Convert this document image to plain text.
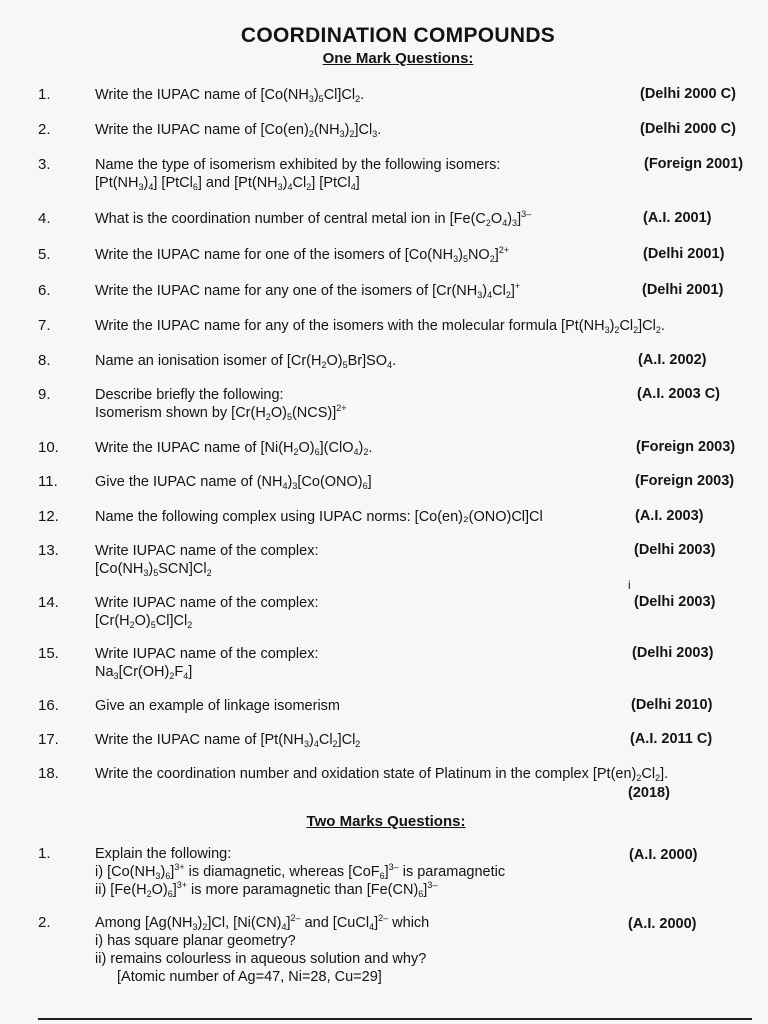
COORDINATION COMPOUNDS
One Mark Questions:
1.	Write the IUPAC name of $[Co(NH_3)_5Cl]Cl_2$.	(Delhi 2000 C)
2.	Write the IUPAC name of $[Co(en)_2(NH_3)_2]Cl_3$.	(Delhi 2000 C)
3.	Name the type of isomerism exhibited by the following isomers:
$[Pt(NH_3)_4]$ [PtCl$_6$] and $[Pt(NH_3)_4Cl_2]$ [PtCl$_4$]
(Foreign 2001)
4.	What is the coordination number of central metal ion in $[Fe(C_2O_4)_3]^{3-}$	(A.I. 2001)
5.	Write the IUPAC name for one of the isomers of $[Co(NH_3)_5NO_2]^{2+}$	(Delhi 2001)
6.	Write the IUPAC name for any one of the isomers of $[Cr(NH_3)_4Cl_2]^+$	(Delhi 2001)
7.	Write the IUPAC name for any of the isomers with the molecular formula $[Pt(NH_3)_2Cl_2]Cl_2$.
8.	Name an ionisation isomer of $[Cr(H_2O)_5Br]SO_4$.	(A.I. 2002)
9.	Describe briefly the following:
Isomerism shown by $[Cr(H_2O)_5(NCS)]^{2+}$
(A.I. 2003 C)
10. Write the IUPAC name of $[Ni(H_2O)_6](ClO_4)_2$.	(Foreign 2003)
11.	Give the IUPAC name of $(NH_4)_3[Co(ONO)_6]$	(Foreign 2003)
12. Name the following complex using IUPAC norms: [Co(en)₂(ONO)Cl]Cl	(A.I. 2003)
13. Write IUPAC name of the complex:
$[Co(NH_3)_5SCN]Cl_2$
(Delhi 2003)
i
14. Write IUPAC name of the complex:
$[Cr(H_2O)_5Cl]Cl_2$
(Delhi 2003)
15. Write IUPAC name of the complex:
$Na_3[Cr(OH)_2F_4]$
(Delhi 2003)
16. Give an example of linkage isomerism	(Delhi 2010)
17. Write the IUPAC name of $[Pt(NH_3)_4Cl_2]Cl_2$	(A.I. 2011 C)
18. Write the coordination number and oxidation state of Platinum in the complex $[Pt(en)_2Cl_2]$.
(2018)
Two Marks Questions:
1.	Explain the following:
i) $[Co(NH_3)_6]^{3+}$ is diamagnetic, whereas $[CoF_6]^{3-}$ is paramagnetic
ii) $[Fe(H_2O)_6]^{3+}$ is more paramagnetic than $[Fe(CN)_6]^{3-}$
(A.I. 2000)
2.	Among $[Ag(NH_3)_2]Cl$, $[Ni(CN)_4]^{2-}$ and [CuCl$_4$]$^{2-}$ which
i) has square planar geometry?
ii) remains colourless in aqueous solution and why?
[Atomic number of Ag=47, Ni=28, Cu=29]
(A.I. 2000)
